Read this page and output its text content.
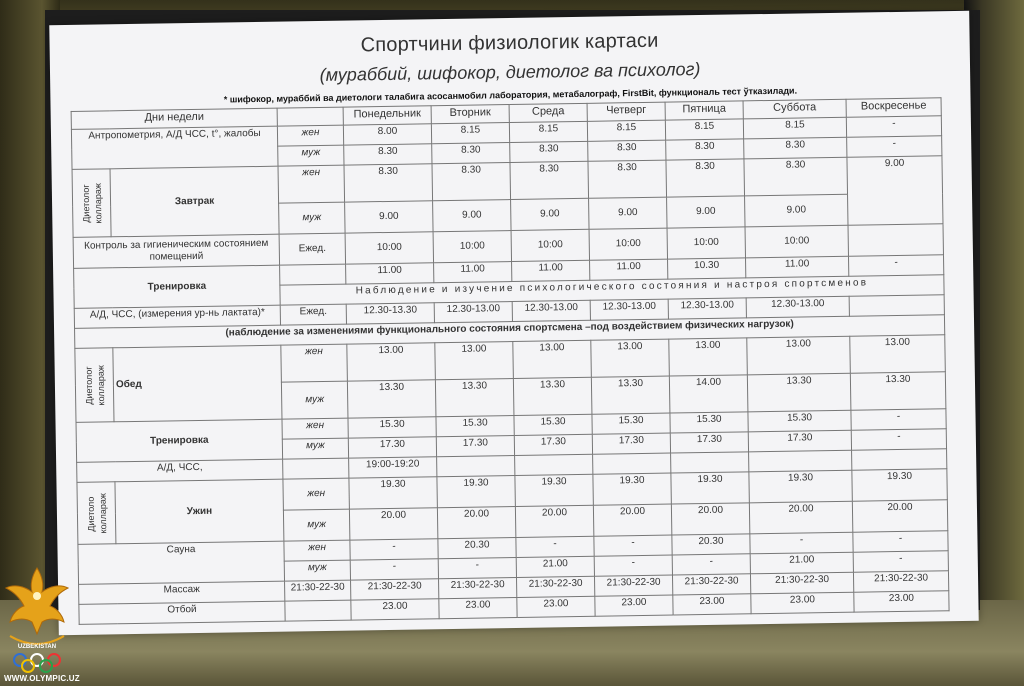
Спортчини физиологик картаси
(мураббий, шифокор, диетолог ва психолог)
* шифокор, мураббий ва диетологи талабига асосанмобил лаборатория, метабалограф, FirstBit, функциональ тест ўтказилади.
Дни недели			Понедельник	Вторник	Среда	Четверг	Пятница	Суббота	Воскресенье
Антропометрия, А/Д ЧСС, t°, жалобы		жен	8.00	8.15	8.15	8.15	8.15	8.15	-
		муж	8.30	8.30	8.30	8.30	8.30	8.30	-
Диетолог коллараж	Завтрак	жен	8.30	8.30	8.30	8.30	8.30	8.30	9.00
		муж	9.00	9.00	9.00	9.00	9.00	9.00	
Контроль за гигиеническим состоянием помещений		Ежед.	10:00	10:00	10:00	10:00	10:00	10:00	
Тренировка			11.00	11.00	11.00	11.00	10.30	11.00	-
		Наблюдение и изучение психологического состояния и настроя спортсменов							
А/Д, ЧСС, (измерения ур-нь лактата)*		Ежед.	12.30-13.30	12.30-13.00	12.30-13.00	12.30-13.00	12.30-13.00	12.30-13.00	
(наблюдение за изменениями функционального состояния спортсмена –под воздействием физических нагрузок)									
Диетолог коллараж	Обед	жен	13.00	13.00	13.00	13.00	13.00	13.00	13.00
		муж	13.30	13.30	13.30	13.30	14.00	13.30	13.30
Тренировка		жен	15.30	15.30	15.30	15.30	15.30	15.30	-
		муж	17.30	17.30	17.30	17.30	17.30	17.30	-
А/Д, ЧСС,			19:00-19:20						
Диетоло коллараж	Ужин	жен	19.30	19.30	19.30	19.30	19.30	19.30	19.30
		муж	20.00	20.00	20.00	20.00	20.00	20.00	20.00
Сауна		жен	-	20.30	-	-	20.30	-	-
		муж	-	-	21.00	-	-	21.00	-
Массаж		21:30-22-30	21:30-22-30	21:30-22-30	21:30-22-30	21:30-22-30	21:30-22-30	21:30-22-30	21:30-22-30
Отбой			23.00	23.00	23.00	23.00	23.00	23.00	23.00
UZBEKISTAN
WWW.OLYMPIC.UZ
